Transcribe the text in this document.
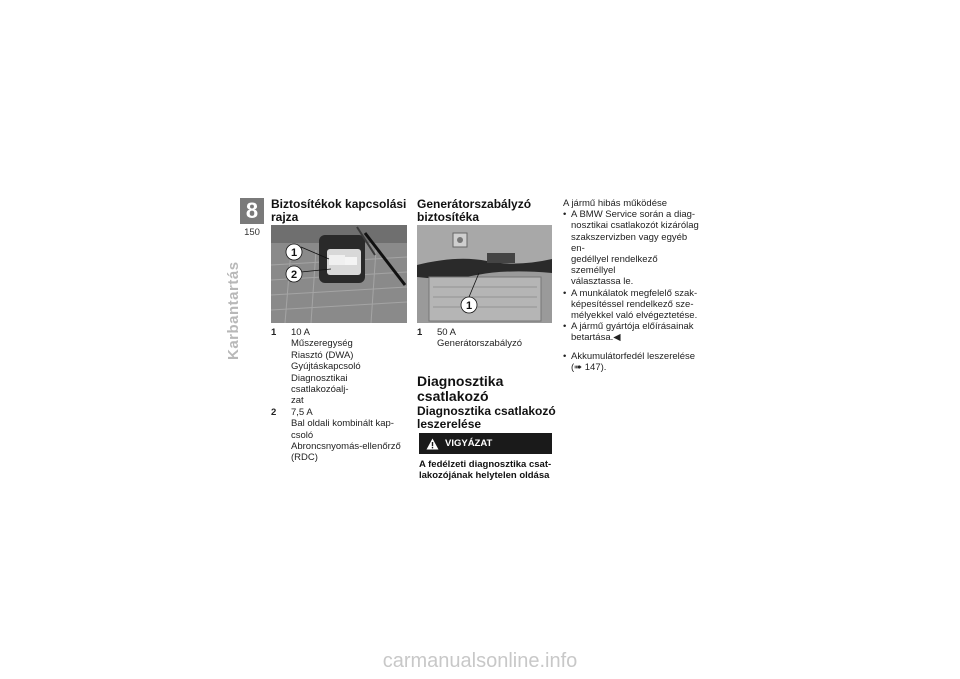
8
150
Karbantartás
Biztosítékok kapcsolási
rajza
1
2
1	10 A
Műszeregység
Riasztó (DWA)
Gyújtáskapcsoló
Diagnosztikai csatlakozóalj-
zat
2	7,5 A
Bal oldali kombinált kap-
csoló
Abroncsnyomás-ellenőrző
(RDC)
Generátorszabályzó
biztosítéka
1
1	50 A
Generátorszabályzó
Diagnosztika
csatlakozó
Diagnosztika csatlakozó
leszerelése
VIGYÁZAT
A fedélzeti diagnosztika csat-
lakozójának helytelen oldása
A jármű hibás működése
• A BMW Service során a diag-
nosztikai csatlakozót kizárólag
szakszervizben vagy egyéb en-
gedéllyel rendelkező személlyel
választassa le.
• A munkálatok megfelelő szak-
képesítéssel rendelkező sze-
mélyekkel való elvégeztetése.
• A jármű gyártója előírásainak
betartása.◀
• Akkumulátorfedél leszerelése
(➠ 147).
carmanualsonline.info
